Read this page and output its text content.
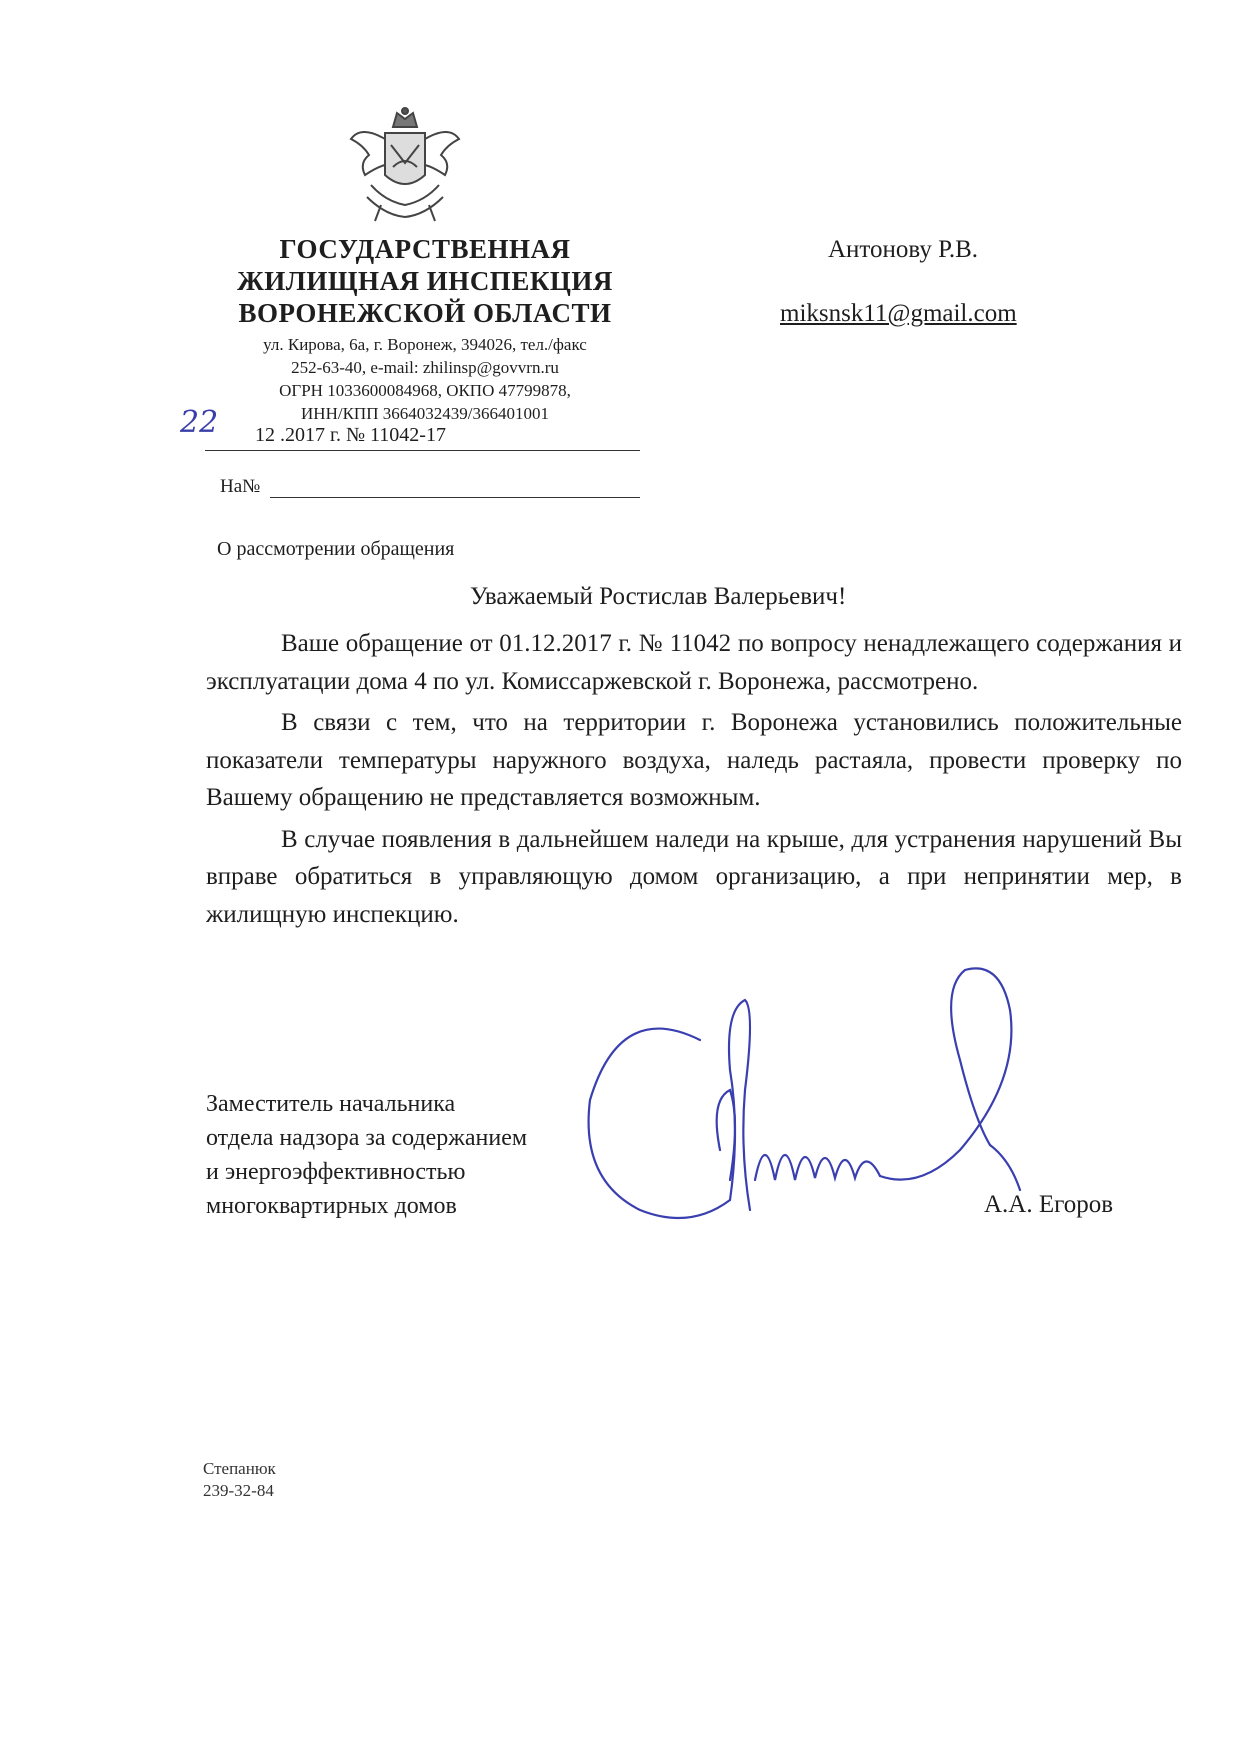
ГОСУДАРСТВЕННАЯ
ЖИЛИЩНАЯ ИНСПЕКЦИЯ
ВОРОНЕЖСКОЙ ОБЛАСТИ
ул. Кирова, 6а, г. Воронеж, 394026, тел./факс
252-63-40, e-mail: zhilinsp@govvrn.ru
ОГРН 1033600084968, ОКПО 47799878,
ИНН/КПП 3664032439/366401001
22 12 .2017 г. № 11042-17
На№
Антонову Р.В.
miksnsk11@gmail.com
О рассмотрении обращения
Уважаемый Ростислав Валерьевич!

Ваше обращение от 01.12.2017 г. № 11042 по вопросу ненадлежащего содержания и эксплуатации дома 4 по ул. Комиссаржевской г. Воронежа, рассмотрено.

В связи с тем, что на территории г. Воронежа установились положительные показатели температуры наружного воздуха, наледь растаяла, провести проверку по Вашему обращению не представляется возможным.

В случае появления в дальнейшем наледи на крыше, для устранения нарушений Вы вправе обратиться в управляющую домом организацию, а при непринятии мер, в жилищную инспекцию.

Заместитель начальника
отдела надзора за содержанием
и энергоэффективностью
многоквартирных домов	А.А. Егоров
Степанюк
239-32-84
